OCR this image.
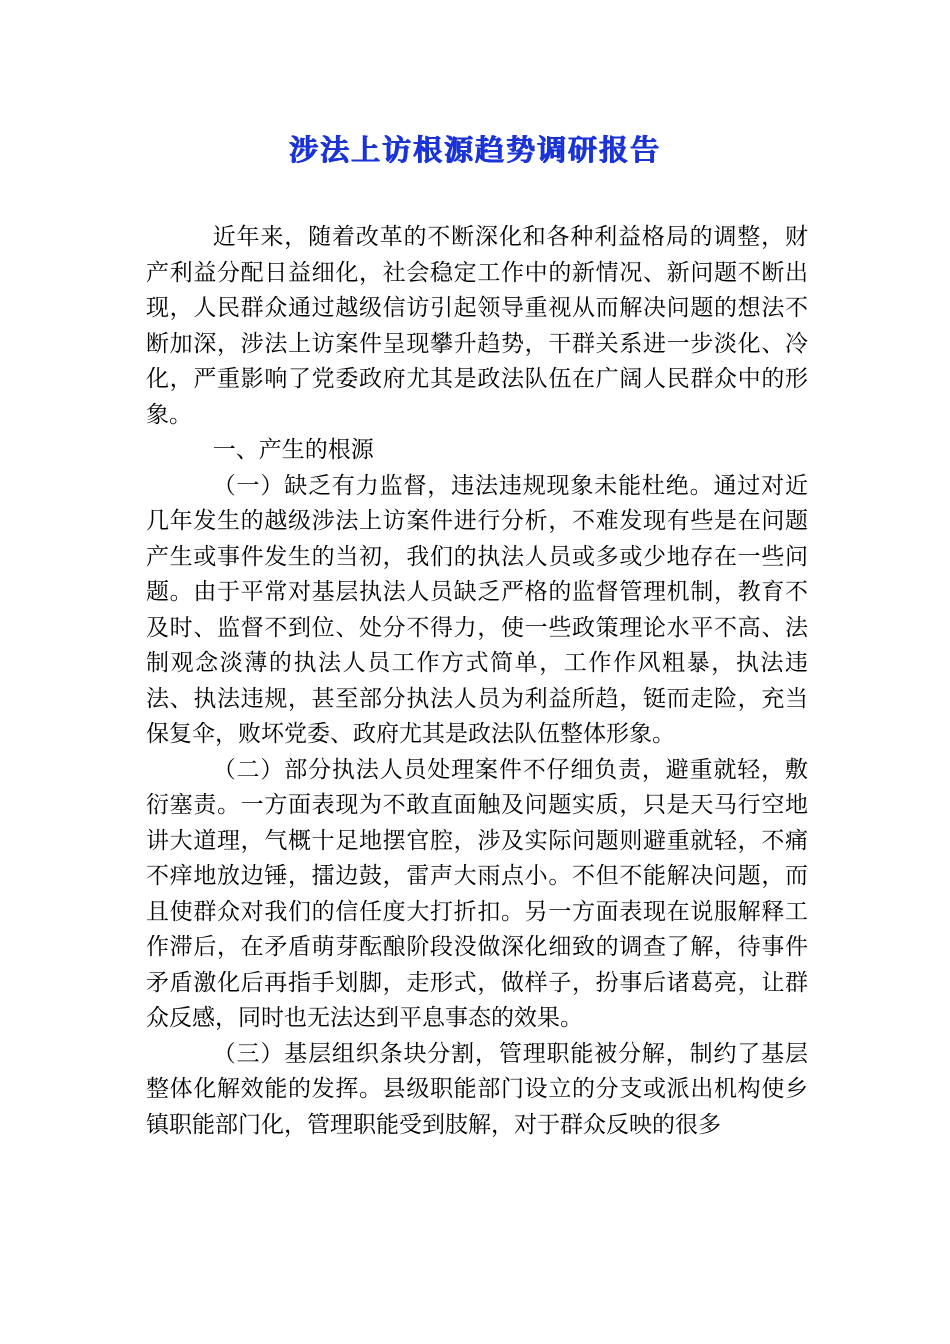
涉法上访根源趋势调研报告

近年来，随着改革的不断深化和各种利益格局的调整，财产利益分配日益细化，社会稳定工作中的新情况、新问题不断出现，人民群众通过越级信访引起领导重视从而解决问题的想法不断加深，涉法上访案件呈现攀升趋势，干群关系进一步淡化、冷化，严重影响了党委政府尤其是政法队伍在广阔人民群众中的形象。

一、产生的根源

（一）缺乏有力监督，违法违规现象未能杜绝。通过对近几年发生的越级涉法上访案件进行分析，不难发现有些是在问题产生或事件发生的当初，我们的执法人员或多或少地存在一些问题。由于平常对基层执法人员缺乏严格的监督管理机制，教育不及时、监督不到位、处分不得力，使一些政策理论水平不高、法制观念淡薄的执法人员工作方式简单，工作作风粗暴，执法违法、执法违规，甚至部分执法人员为利益所趋，铤而走险，充当保复伞，败坏党委、政府尤其是政法队伍整体形象。

（二）部分执法人员处理案件不仔细负责，避重就轻，敷衍塞责。一方面表现为不敢直面触及问题实质，只是天马行空地讲大道理，气概十足地摆官腔，涉及实际问题则避重就轻，不痛不痒地放边锤，擂边鼓，雷声大雨点小。不但不能解决问题，而且使群众对我们的信任度大打折扣。另一方面表现在说服解释工作滞后，在矛盾萌芽酝酿阶段没做深化细致的调查了解，待事件矛盾激化后再指手划脚，走形式，做样子，扮事后诸葛亮，让群众反感，同时也无法达到平息事态的效果。

（三）基层组织条块分割，管理职能被分解，制约了基层整体化解效能的发挥。县级职能部门设立的分支或派出机构使乡镇职能部门化，管理职能受到肢解，对于群众反映的很多
